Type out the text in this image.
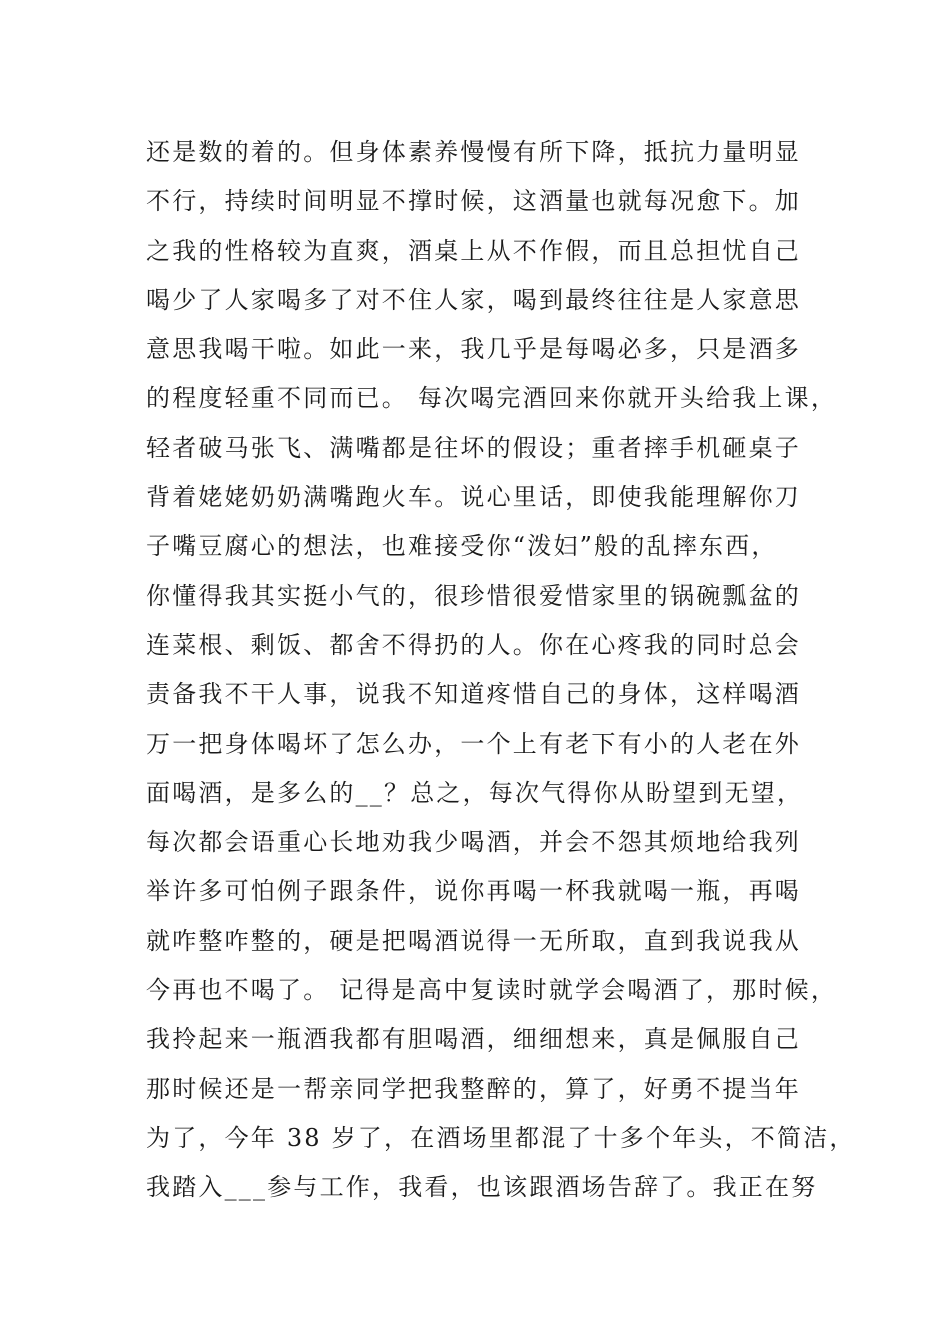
还是数的着的。但身体素养慢慢有所下降，抵抗力量明显
不行，持续时间明显不撑时候，这酒量也就每况愈下。加
之我的性格较为直爽，酒桌上从不作假，而且总担忧自己
喝少了人家喝多了对不住人家，喝到最终往往是人家意思
意思我喝干啦。如此一来，我几乎是每喝必多，只是酒多
的程度轻重不同而已。 每次喝完酒回来你就开头给我上课，
轻者破马张飞、满嘴都是往坏的假设；重者摔手机砸桌子
背着姥姥奶奶满嘴跑火车。说心里话，即使我能理解你刀
子嘴豆腐心的想法，也难接受你“泼妇”般的乱摔东西，
你懂得我其实挺小气的，很珍惜很爱惜家里的锅碗瓢盆的
连菜根、剩饭、都舍不得扔的人。你在心疼我的同时总会
责备我不干人事，说我不知道疼惜自己的身体，这样喝酒
万一把身体喝坏了怎么办，一个上有老下有小的人老在外
面喝酒，是多么的__？总之，每次气得你从盼望到无望，
每次都会语重心长地劝我少喝酒，并会不怨其烦地给我列
举许多可怕例子跟条件，说你再喝一杯我就喝一瓶，再喝
就咋整咋整的，硬是把喝酒说得一无所取，直到我说我从
今再也不喝了。 记得是高中复读时就学会喝酒了，那时候，
我拎起来一瓶酒我都有胆喝酒，细细想来，真是佩服自己
那时候还是一帮亲同学把我整醉的，算了，好勇不提当年
为了，今年 38 岁了，在酒场里都混了十多个年头，不简洁，
我踏入___参与工作，我看，也该跟酒场告辞了。我正在努
